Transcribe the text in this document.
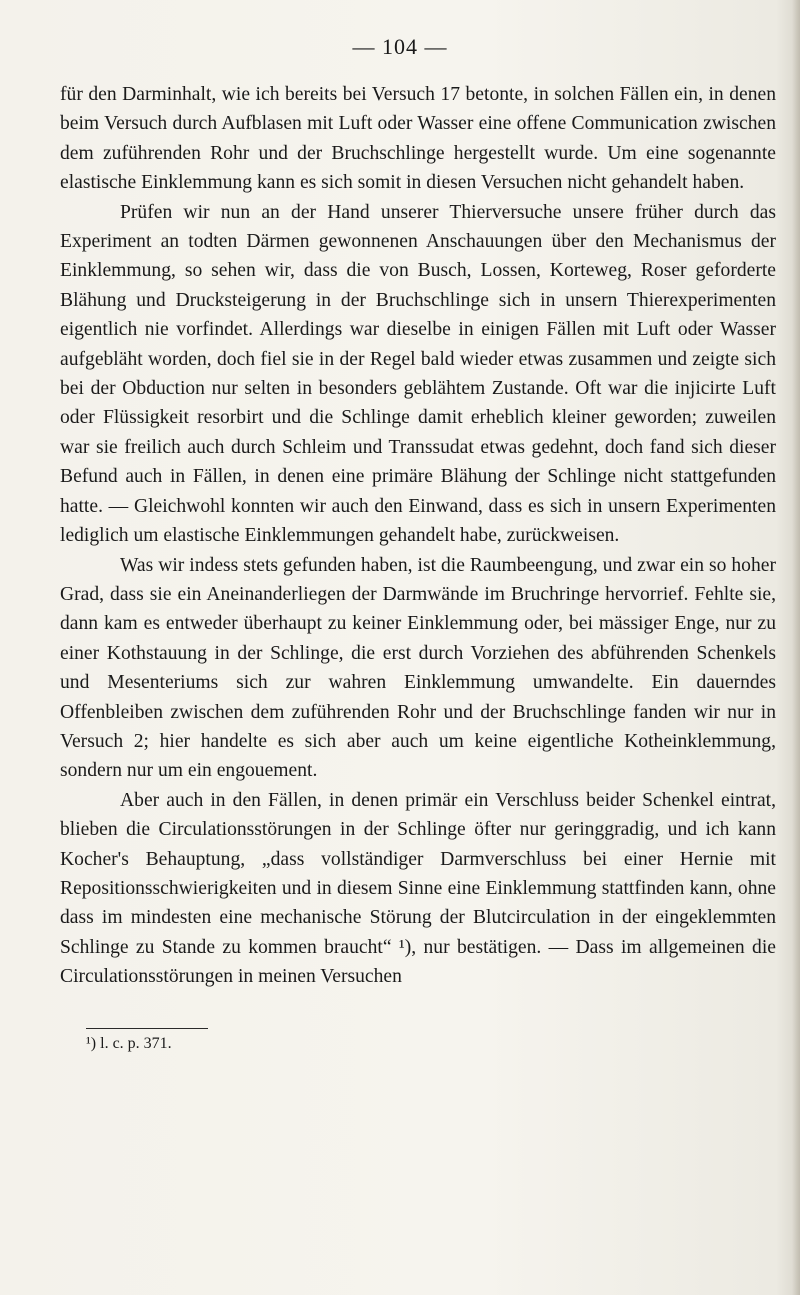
— 104 —

für den Darminhalt, wie ich bereits bei Versuch 17 betonte, in solchen Fällen ein, in denen beim Versuch durch Aufblasen mit Luft oder Wasser eine offene Communication zwischen dem zuführenden Rohr und der Bruchschlinge hergestellt wurde. Um eine sogenannte elastische Einklemmung kann es sich somit in diesen Versuchen nicht gehandelt haben.

Prüfen wir nun an der Hand unserer Thierversuche unsere früher durch das Experiment an todten Därmen gewonnenen Anschauungen über den Mechanismus der Einklemmung, so sehen wir, dass die von Busch, Lossen, Korteweg, Roser geforderte Blähung und Drucksteigerung in der Bruchschlinge sich in unsern Thierexperimenten eigentlich nie vorfindet. Allerdings war dieselbe in einigen Fällen mit Luft oder Wasser aufgebläht worden, doch fiel sie in der Regel bald wieder etwas zusammen und zeigte sich bei der Obduction nur selten in besonders geblähtem Zustande. Oft war die injicirte Luft oder Flüssigkeit resorbirt und die Schlinge damit erheblich kleiner geworden; zuweilen war sie freilich auch durch Schleim und Transsudat etwas gedehnt, doch fand sich dieser Befund auch in Fällen, in denen eine primäre Blähung der Schlinge nicht stattgefunden hatte. — Gleichwohl konnten wir auch den Einwand, dass es sich in unsern Experimenten lediglich um elastische Einklemmungen gehandelt habe, zurückweisen.

Was wir indess stets gefunden haben, ist die Raumbeengung, und zwar ein so hoher Grad, dass sie ein Aneinanderliegen der Darmwände im Bruchringe hervorrief. Fehlte sie, dann kam es entweder überhaupt zu keiner Einklemmung oder, bei mässiger Enge, nur zu einer Kothstauung in der Schlinge, die erst durch Vorziehen des abführenden Schenkels und Mesenteriums sich zur wahren Einklemmung umwandelte. Ein dauerndes Offenbleiben zwischen dem zuführenden Rohr und der Bruchschlinge fanden wir nur in Versuch 2; hier handelte es sich aber auch um keine eigentliche Kotheinklemmung, sondern nur um ein engouement.

Aber auch in den Fällen, in denen primär ein Verschluss beider Schenkel eintrat, blieben die Circulationsstörungen in der Schlinge öfter nur geringgradig, und ich kann Kocher's Behauptung, „dass vollständiger Darmverschluss bei einer Hernie mit Repositionsschwierigkeiten und in diesem Sinne eine Einklemmung stattfinden kann, ohne dass im mindesten eine mechanische Störung der Blutcirculation in der eingeklemmten Schlinge zu Stande zu kommen braucht“ ¹), nur bestätigen. — Dass im allgemeinen die Circulationsstörungen in meinen Versuchen

¹) l. c. p. 371.
